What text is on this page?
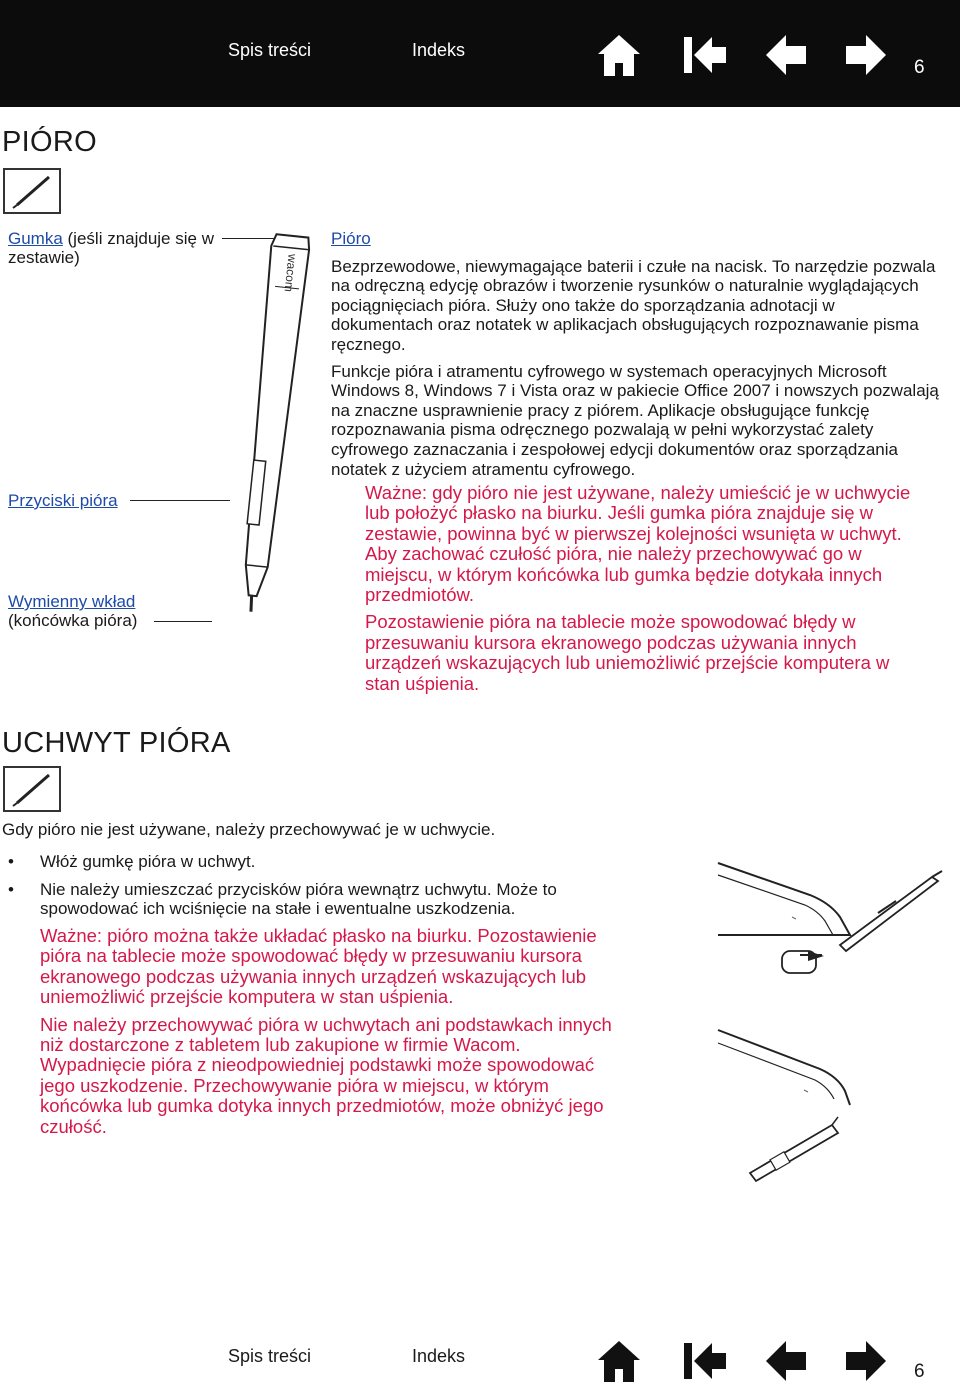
Spis treści	Indeks
6
PIÓRO
Gumka (jeśli znajduje się w zestawie)
Przyciski pióra
Wymienny wkład
(końcówka pióra)
wacom

Pióro

Bezprzewodowe, niewymagające baterii i czułe na nacisk. To narzędzie pozwala na odręczną edycję obrazów i tworzenie rysunków o naturalnie wyglądających pociągnięciach pióra. Służy ono także do sporządzania adnotacji w dokumentach oraz notatek w aplikacjach obsługujących rozpoznawanie pisma ręcznego.

Funkcje pióra i atramentu cyfrowego w systemach operacyjnych Microsoft Windows 8, Windows 7 i Vista oraz w pakiecie Office 2007 i nowszych pozwalają na znaczne usprawnienie pracy z piórem. Aplikacje obsługujące funkcję rozpoznawania pisma odręcznego pozwalają w pełni wykorzystać zalety cyfrowego zaznaczania i zespołowej edycji dokumentów oraz sporządzania notatek z użyciem atramentu cyfrowego.

Ważne: gdy pióro nie jest używane, należy umieścić je w uchwycie lub położyć płasko na biurku. Jeśli gumka pióra znajduje się w zestawie, powinna być w pierwszej kolejności wsunięta w uchwyt. Aby zachować czułość pióra, nie należy przechowywać go w miejscu, w którym końcówka lub gumka będzie dotykała innych przedmiotów.

Pozostawienie pióra na tablecie może spowodować błędy w przesuwaniu kursora ekranowego podczas używania innych urządzeń wskazujących lub uniemożliwić przejście komputera w stan uśpienia.

UCHWYT PIÓRA
Gdy pióro nie jest używane, należy przechowywać je w uchwycie.
• Włóż gumkę pióra w uchwyt.
• Nie należy umieszczać przycisków pióra wewnątrz uchwytu. Może to spowodować ich wciśnięcie na stałe i ewentualne uszkodzenia.

Ważne: pióro można także układać płasko na biurku. Pozostawienie pióra na tablecie może spowodować błędy w przesuwaniu kursora ekranowego podczas używania innych urządzeń wskazujących lub uniemożliwić przejście komputera w stan uśpienia.

Nie należy przechowywać pióra w uchwytach ani podstawkach innych niż dostarczone z tabletem lub zakupione w firmie Wacom. Wypadnięcie pióra z nieodpowiedniej podstawki może spowodować jego uszkodzenie. Przechowywanie pióra w miejscu, w którym końcówka lub gumka dotyka innych przedmiotów, może obniżyć jego czułość.

Spis treści	Indeks
6
